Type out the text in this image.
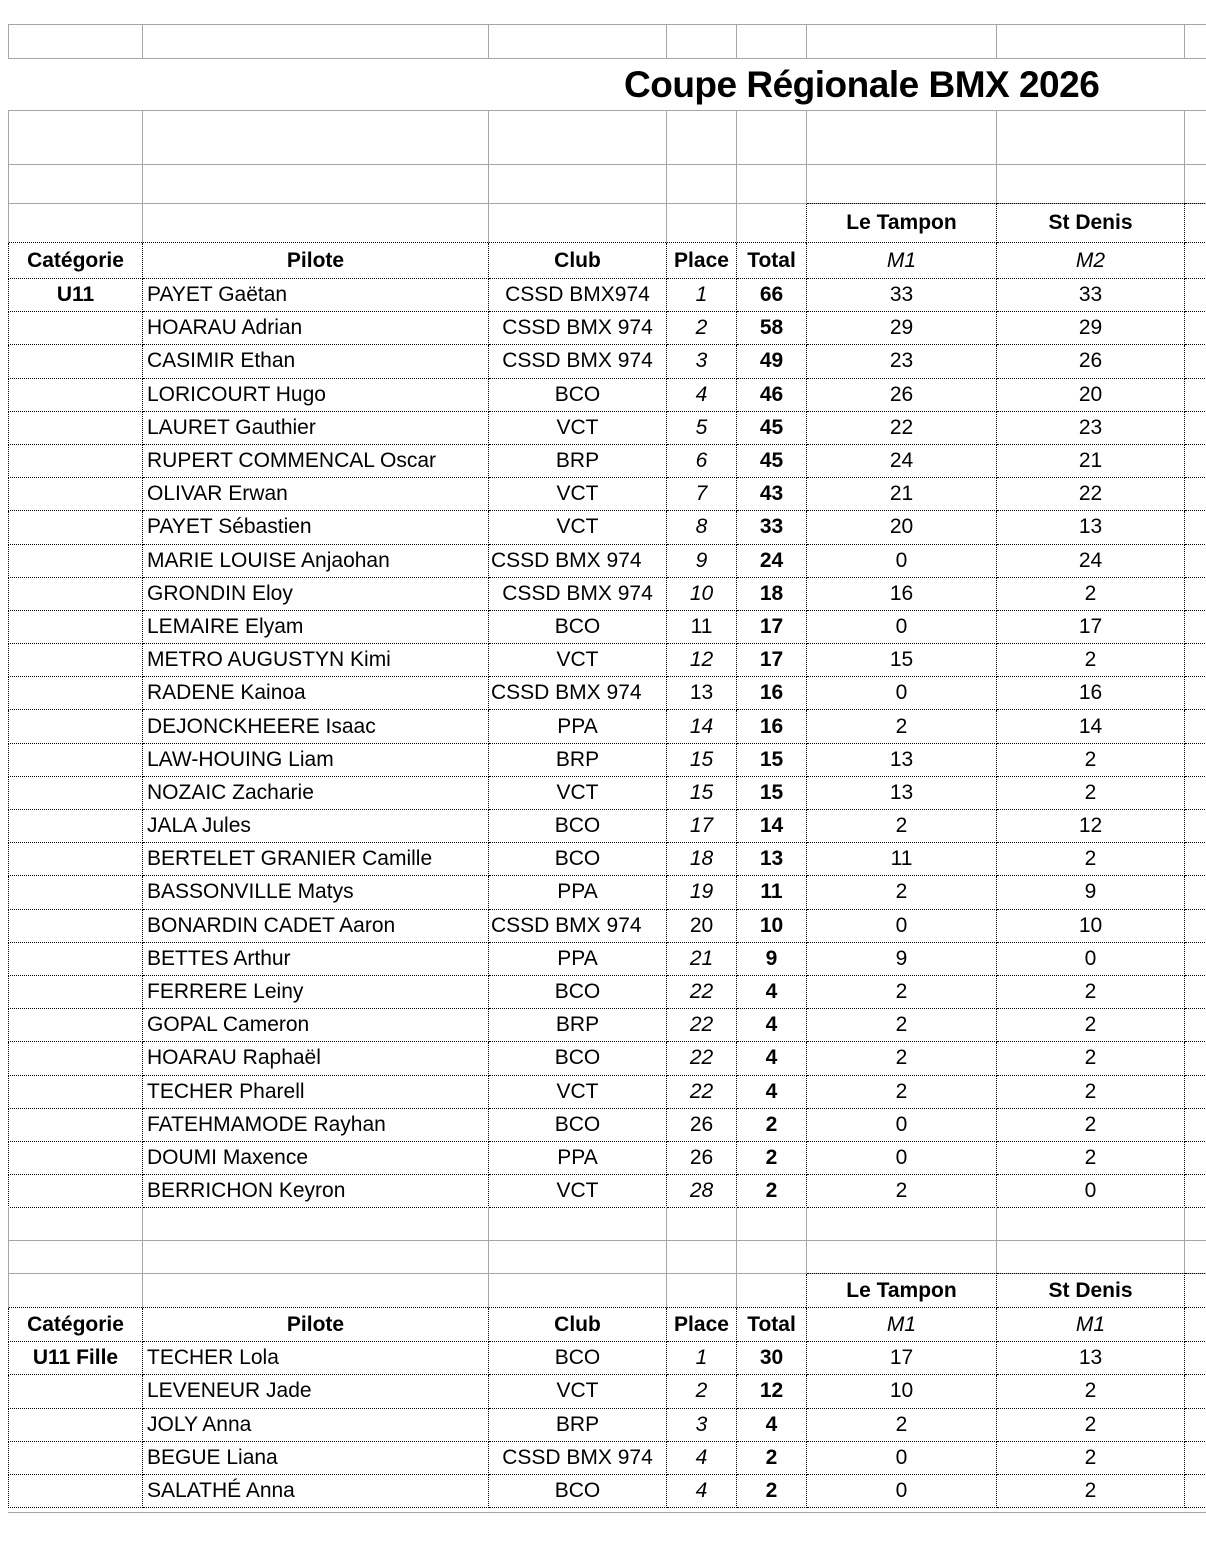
Coupe Régionale BMX 2026

					Le Tampon	St Denis	
Catégorie	Pilote	Club	Place	Total	M1	M2	
U11	PAYET Gaëtan	CSSD BMX974	1	66	33	33	
	HOARAU Adrian	CSSD BMX 974	2	58	29	29	
	CASIMIR Ethan	CSSD BMX 974	3	49	23	26	
	LORICOURT Hugo	BCO	4	46	26	20	
	LAURET Gauthier	VCT	5	45	22	23	
	RUPERT COMMENCAL Oscar	BRP	6	45	24	21	
	OLIVAR Erwan	VCT	7	43	21	22	
	PAYET Sébastien	VCT	8	33	20	13	
	MARIE LOUISE Anjaohan	CSSD BMX 974	9	24	0	24	
	GRONDIN Eloy	CSSD BMX 974	10	18	16	2	
	LEMAIRE Elyam	BCO	11	17	0	17	
	METRO AUGUSTYN Kimi	VCT	12	17	15	2	
	RADENE Kainoa	CSSD BMX 974	13	16	0	16	
	DEJONCKHEERE Isaac	PPA	14	16	2	14	
	LAW-HOUING Liam	BRP	15	15	13	2	
	NOZAIC Zacharie	VCT	15	15	13	2	
	JALA Jules	BCO	17	14	2	12	
	BERTELET GRANIER Camille	BCO	18	13	11	2	
	BASSONVILLE Matys	PPA	19	11	2	9	
	BONARDIN CADET Aaron	CSSD BMX 974	20	10	0	10	
	BETTES Arthur	PPA	21	9	9	0	
	FERRERE Leiny	BCO	22	4	2	2	
	GOPAL Cameron	BRP	22	4	2	2	
	HOARAU Raphaël	BCO	22	4	2	2	
	TECHER Pharell	VCT	22	4	2	2	
	FATEHMAMODE Rayhan	BCO	26	2	0	2	
	DOUMI Maxence	PPA	26	2	0	2	
	BERRICHON Keyron	VCT	28	2	2	0	

					Le Tampon	St Denis	
Catégorie	Pilote	Club	Place	Total	M1	M1	
U11 Fille	TECHER Lola	BCO	1	30	17	13	
	LEVENEUR Jade	VCT	2	12	10	2	
	JOLY Anna	BRP	3	4	2	2	
	BEGUE Liana	CSSD BMX 974	4	2	0	2	
	SALATHÉ Anna	BCO	4	2	0	2	
